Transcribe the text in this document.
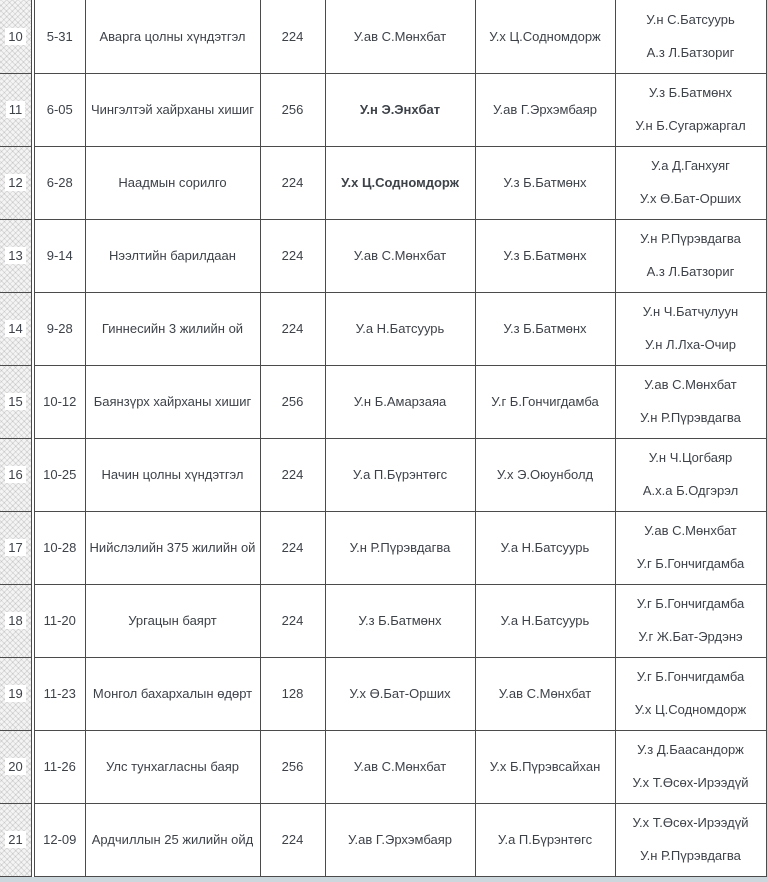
10	5-31	Аварга цолны хүндэтгэл	224	У.ав С.Мөнхбат	У.х Ц.Содномдорж	У.н С.Батсуурь
А.з Л.Батзориг

11	6-05	Чингэлтэй хайрханы хишиг	256	У.н Э.Энхбат	У.ав Г.Эрхэмбаяр	У.з Б.Батмөнх
У.н Б.Сугаржаргал

12	6-28	Наадмын сорилго	224	У.х Ц.Содномдорж	У.з Б.Батмөнх	У.а Д.Ганхуяг
У.х Ө.Бат-Орших

13	9-14	Нээлтийн барилдаан	224	У.ав С.Мөнхбат	У.з Б.Батмөнх	У.н Р.Пүрэвдагва
А.з Л.Батзориг

14	9-28	Гиннесийн 3 жилийн ой	224	У.а Н.Батсуурь	У.з Б.Батмөнх	У.н Ч.Батчулуун
У.н Л.Лха-Очир

15	10-12	Баянзүрх хайрханы хишиг	256	У.н Б.Амарзаяа	У.г Б.Гончигдамба	У.ав С.Мөнхбат
У.н Р.Пүрэвдагва

16	10-25	Начин цолны хүндэтгэл	224	У.а П.Бүрэнтөгс	У.х Э.Оюунболд	У.н Ч.Цогбаяр
А.х.а Б.Одгэрэл

17	10-28	Нийслэлийн 375 жилийн ой	224	У.н Р.Пүрэвдагва	У.а Н.Батсуурь	У.ав С.Мөнхбат
У.г Б.Гончигдамба

18	11-20	Ургацын баярт	224	У.з Б.Батмөнх	У.а Н.Батсуурь	У.г Б.Гончигдамба
У.г Ж.Бат-Эрдэнэ

19	11-23	Монгол бахархалын өдөрт	128	У.х Ө.Бат-Орших	У.ав С.Мөнхбат	У.г Б.Гончигдамба
У.х Ц.Содномдорж

20	11-26	Улс тунхагласны баяр	256	У.ав С.Мөнхбат	У.х Б.Пүрэвсайхан	У.з Д.Баасандорж
У.х Т.Өсөх-Ирээдүй

21	12-09	Ардчиллын 25 жилийн ойд	224	У.ав Г.Эрхэмбаяр	У.а П.Бүрэнтөгс	У.х Т.Өсөх-Ирээдүй
У.н Р.Пүрэвдагва
